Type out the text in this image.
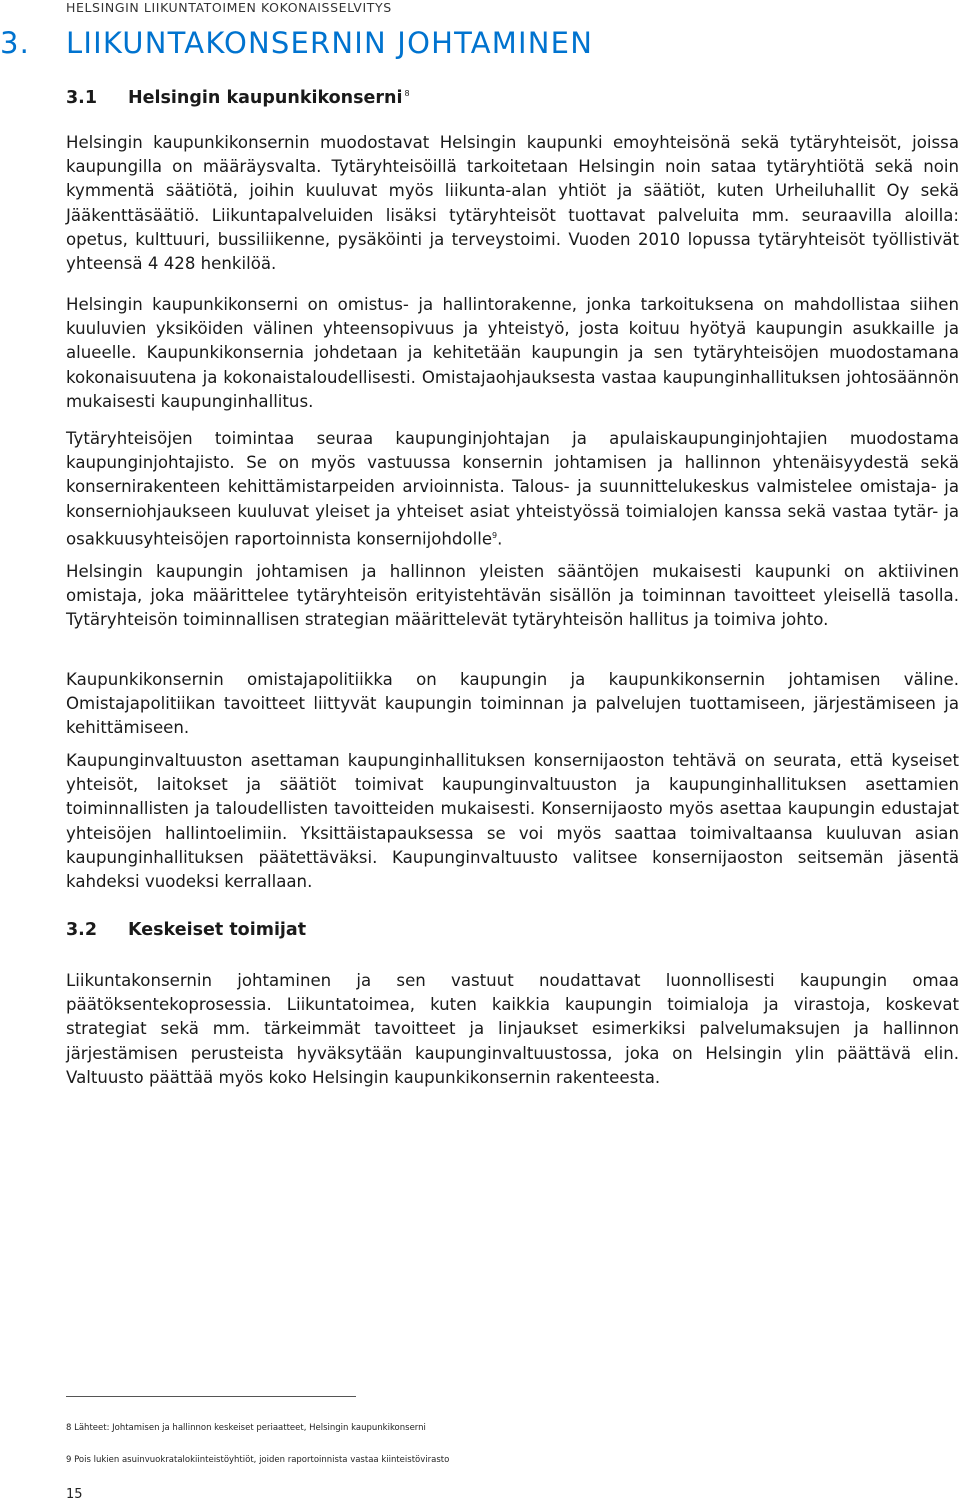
HELSINGIN LIIKUNTATOIMEN KOKONAISSELVITYS
3. LIIKUNTAKONSERNIN JOHTAMINEN
3.1 Helsingin kaupunkikonserni $^8$

Helsingin kaupunkikonsernin muodostavat Helsingin kaupunki emoyhteisönä sekä tytäryhteisöt, joissa kaupungilla on määräysvalta. Tytäryhteisöillä tarkoitetaan Helsingin noin sataa tytäryhtiötä sekä noin kymmentä säätiötä, joihin kuuluvat myös liikunta-alan yhtiöt ja säätiöt, kuten Urheiluhallit Oy sekä Jääkenttäsäätiö. Liikuntapalveluiden lisäksi tytäryhteisöt tuottavat palveluita mm. seuraavilla aloilla: opetus, kulttuuri, bussiliikenne, pysäköinti ja terveystoimi. Vuoden 2010 lopussa tytäryhteisöt työllistivät yhteensä 4 428 henkilöä.

Helsingin kaupunkikonserni on omistus- ja hallintorakenne, jonka tarkoituksena on mahdollistaa siihen kuuluvien yksiköiden välinen yhteensopivuus ja yhteistyö, josta koituu hyötyä kaupungin asukkaille ja alueelle. Kaupunkikonsernia johdetaan ja kehitetään kaupungin ja sen tytäryhteisöjen muodostamana kokonaisuutena ja kokonaistaloudellisesti. Omistajaohjauksesta vastaa kaupunginhallituksen johtosäännön mukaisesti kaupunginhallitus.

Tytäryhteisöjen toimintaa seuraa kaupunginjohtajan ja apulaiskaupunginjohtajien muodostama kaupunginjohtajisto. Se on myös vastuussa konsernin johtamisen ja hallinnon yhtenäisyydestä sekä konsernirakenteen kehittämistarpeiden arvioinnista. Talous- ja suunnittelukeskus valmistelee omistaja- ja konserniohjaukseen kuuluvat yleiset ja yhteiset asiat yhteistyössä toimialojen kanssa sekä vastaa tytär- ja osakkuusyhteisöjen raportoinnista konsernijohdolle$^9$.

Helsingin kaupungin johtamisen ja hallinnon yleisten sääntöjen mukaisesti kaupunki on aktiivinen omistaja, joka määrittelee tytäryhteisön erityistehtävän sisällön ja toiminnan tavoitteet yleisellä tasolla. Tytäryhteisön toiminnallisen strategian määrittelevät tytäryhteisön hallitus ja toimiva johto.

Kaupunkikonsernin omistajapolitiikka on kaupungin ja kaupunkikonsernin johtamisen väline. Omistajapolitiikan tavoitteet liittyvät kaupungin toiminnan ja palvelujen tuottamiseen, järjestämiseen ja kehittämiseen.

Kaupunginvaltuuston asettaman kaupunginhallituksen konsernijaoston tehtävä on seurata, että kyseiset yhteisöt, laitokset ja säätiöt toimivat kaupunginvaltuuston ja kaupunginhallituksen asettamien toiminnallisten ja taloudellisten tavoitteiden mukaisesti. Konsernijaosto myös asettaa kaupungin edustajat yhteisöjen hallintoelimiin. Yksittäistapauksessa se voi myös saattaa toimivaltaansa kuuluvan asian kaupunginhallituksen päätettäväksi. Kaupunginvaltuusto valitsee konsernijaoston seitsemän jäsentä kahdeksi vuodeksi kerrallaan.

3.2 Keskeiset toimijat

Liikuntakonsernin johtaminen ja sen vastuut noudattavat luonnollisesti kaupungin omaa päätöksentekoprosessia. Liikuntatoimea, kuten kaikkia kaupungin toimialoja ja virastoja, koskevat strategiat sekä mm. tärkeimmät tavoitteet ja linjaukset esimerkiksi palvelumaksujen ja hallinnon järjestämisen perusteista hyväksytään kaupunginvaltuustossa, joka on Helsingin ylin päättävä elin. Valtuusto päättää myös koko Helsingin kaupunkikonsernin rakenteesta.

8 Lähteet: Johtamisen ja hallinnon keskeiset periaatteet, Helsingin kaupunkikonserni

9 Pois lukien asuinvuokratalokiinteistöyhtiöt, joiden raportoinnista vastaa kiinteistövirasto

15
